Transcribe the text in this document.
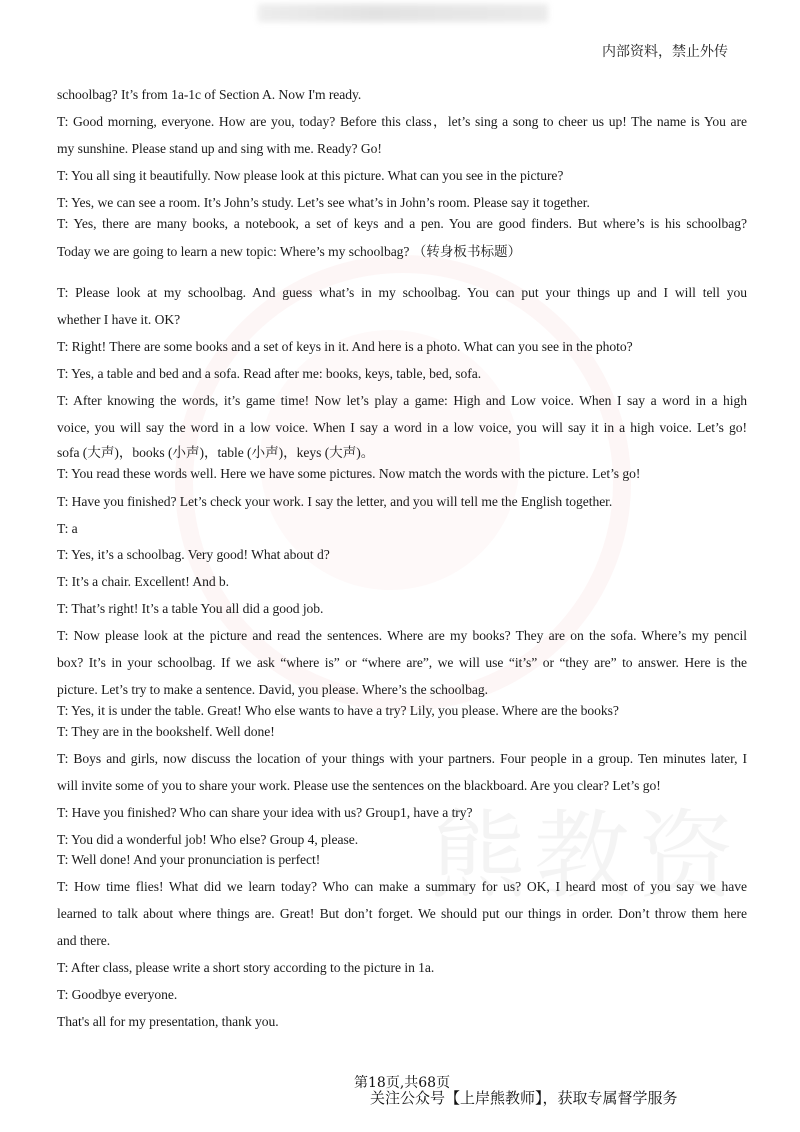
内部资料，禁止外传
schoolbag? It’s from 1a-1c of Section A. Now I'm ready.
T: Good morning, everyone. How are you, today? Before this class，let’s sing a song to cheer us up! The name is You are
my sunshine. Please stand up and sing with me. Ready? Go!
T: You all sing it beautifully. Now please look at this picture. What can you see in the picture?
T: Yes, we can see a room. It’s John’s study. Let’s see what’s in John’s room. Please say it together.
T: Yes, there are many books, a notebook, a set of keys and a pen. You are good finders. But where’s is his schoolbag?
Today we are going to learn a new topic: Where’s my schoolbag? （转身板书标题）
T: Please look at my schoolbag. And guess what’s in my schoolbag. You can put your things up and I will tell you
whether I have it. OK?
T: Right! There are some books and a set of keys in it. And here is a photo. What can you see in the photo?
T: Yes, a table and bed and a sofa. Read after me: books, keys, table, bed, sofa.
T: After knowing the words, it’s game time! Now let’s play a game: High and Low voice. When I say a word in a high
voice, you will say the word in a low voice. When I say a word in a low voice, you will say it in a high voice. Let’s go!
sofa (大声)，books (小声)，table (小声)，keys (大声)。
T: You read these words well. Here we have some pictures. Now match the words with the picture. Let’s go!
T: Have you finished? Let’s check your work. I say the letter, and you will tell me the English together.
T: a
T: Yes, it’s a schoolbag. Very good! What about d?
T: It’s a chair. Excellent! And b.
T: That’s right! It’s a table You all did a good job.
T: Now please look at the picture and read the sentences. Where are my books? They are on the sofa. Where’s my pencil
box? It’s in your schoolbag. If we ask “where is” or “where are”, we will use “it’s” or “they are” to answer. Here is the
picture. Let’s try to make a sentence. David, you please. Where’s the schoolbag.
T: Yes, it is under the table. Great! Who else wants to have a try? Lily, you please. Where are the books?
T: They are in the bookshelf. Well done!
T: Boys and girls, now discuss the location of your things with your partners. Four people in a group. Ten minutes later, I
will invite some of you to share your work. Please use the sentences on the blackboard. Are you clear? Let’s go!
T: Have you finished? Who can share your idea with us? Group1, have a try?
T: You did a wonderful job! Who else? Group 4, please.
T: Well done! And your pronunciation is perfect!
T: How time flies! What did we learn today? Who can make a summary for us? OK, I heard most of you say we have
learned to talk about where things are. Great! But don’t forget. We should put our things in order. Don’t throw them here
and there.
T: After class, please write a short story according to the picture in 1a.
T: Goodbye everyone.
That's all for my presentation, thank you.
第18页,共68页
关注公众号【上岸熊教师】，获取专属督学服务
